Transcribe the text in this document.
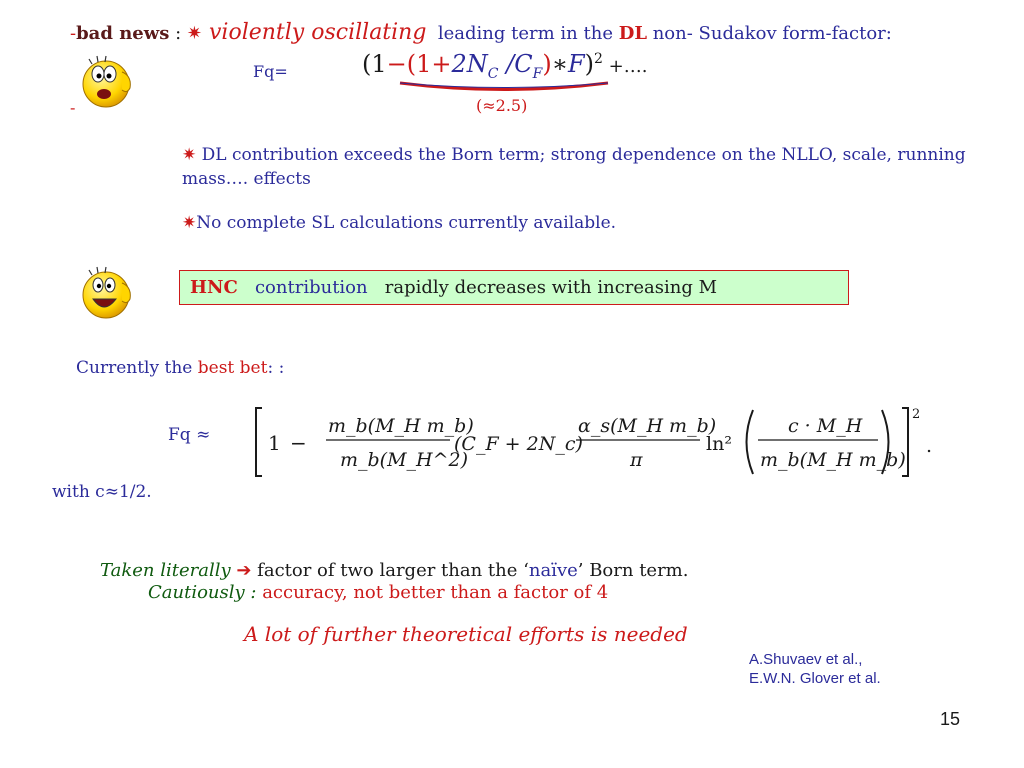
-bad news : ✷ violently oscillating leading term in the DL non- Sudakov form-factor:
Fq=	($1-(1+2N_C$ $/C_F)∗F)^2$ +….
(≈2.5)
-
✷ DL contribution exceeds the Born term; strong dependence on the NLLO, scale, running mass…. effects
✷No complete SL calculations currently available.
HNC contribution rapidly decreases with increasing M
Currently the best bet: :
Fq ≈	1 −
m_b(M_H m_b)
m_b(M_H^2)
(C_F + 2N_c)
α_s(M_H m_b)
π
ln²
c · M_H
m_b(M_H m_b)
2
.
with c≈1/2.
Taken literally ➔ factor of two larger than the ‘naïve’ Born term.
Cautiously : accuracy, not better than a factor of 4
A lot of further theoretical efforts is needed
A.Shuvaev et al.,
E.W.N. Glover et al.
15
